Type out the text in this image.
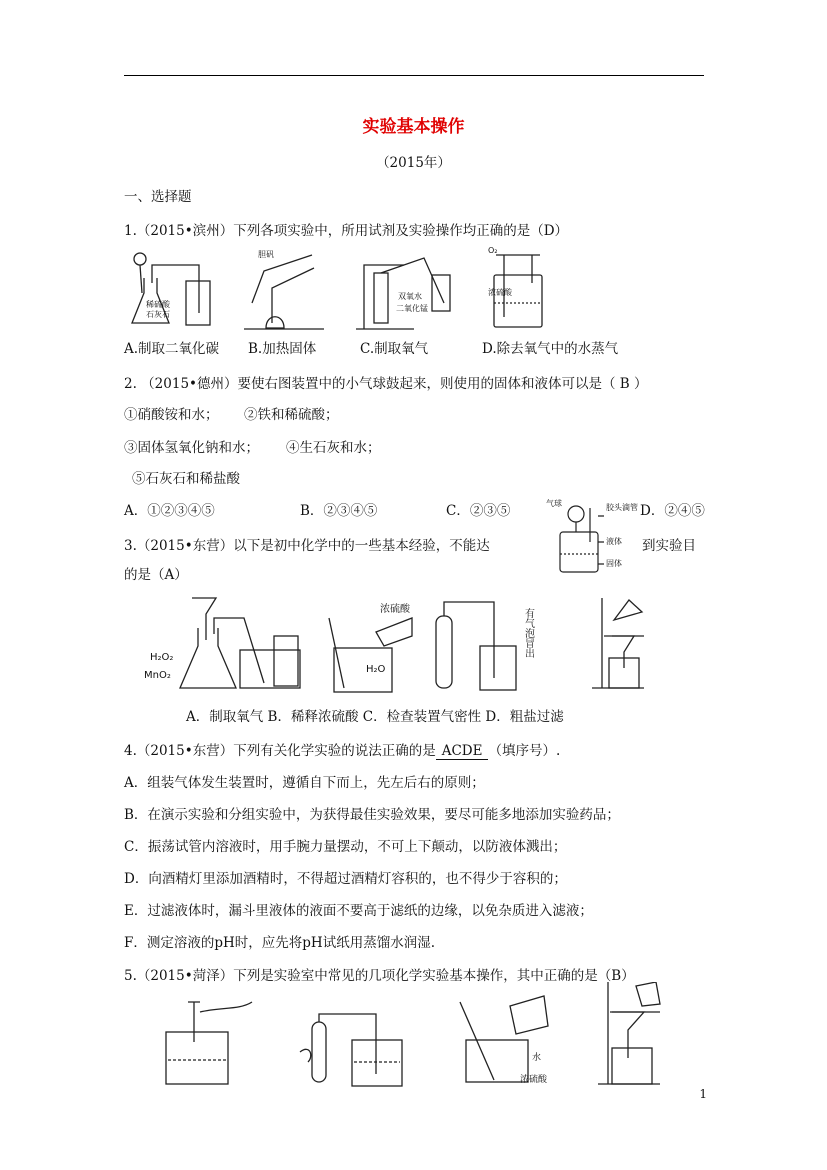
实验基本操作
（2015年）
一、选择题
1.（2015•滨州）下列各项实验中，所用试剂及实验操作均正确的是（D）
稀硫酸
石灰石
胆矾
双氧水
二氧化锰
O₂
浓硫酸
A.制取二氧化碳 B.加热固体	C.制取氧气	D.除去氧气中的水蒸气
2. （2015•德州）要使右图装置中的小气球鼓起来，则使用的固体和液体可以是（ B ）
①硝酸铵和水； ②铁和稀硫酸；
③固体氢氧化钠和水； ④生石灰和水；
⑤石灰石和稀盐酸
A．①②③④⑤	B．②③④⑤	C．②③⑤	D．②④⑤
气球	胶头滴管
液体
固体
3.（2015•东营）以下是初中化学中的一些基本经验，不能达	到实验目
的是（A）
H₂O₂
MnO₂
浓硫酸
H₂O
有气泡冒出
A．制取氧气 B．稀释浓硫酸 C．检查装置气密性 D．粗盐过滤
4.（2015•东营）下列有关化学实验的说法正确的是 ACDE （填序号）.
A．组装气体发生装置时，遵循自下而上，先左后右的原则；
B．在演示实验和分组实验中，为获得最佳实验效果，要尽可能多地添加实验药品；
C．振荡试管内溶液时，用手腕力量摆动，不可上下颠动，以防液体溅出；
D．向酒精灯里添加酒精时，不得超过酒精灯容积的，也不得少于容积的；
E．过滤液体时，漏斗里液体的液面不要高于滤纸的边缘，以免杂质进入滤液；
F．测定溶液的pH时，应先将pH试纸用蒸馏水润湿.
5.（2015•菏泽）下列是实验室中常见的几项化学实验基本操作，其中正确的是（B）
水
浓硫酸
1
